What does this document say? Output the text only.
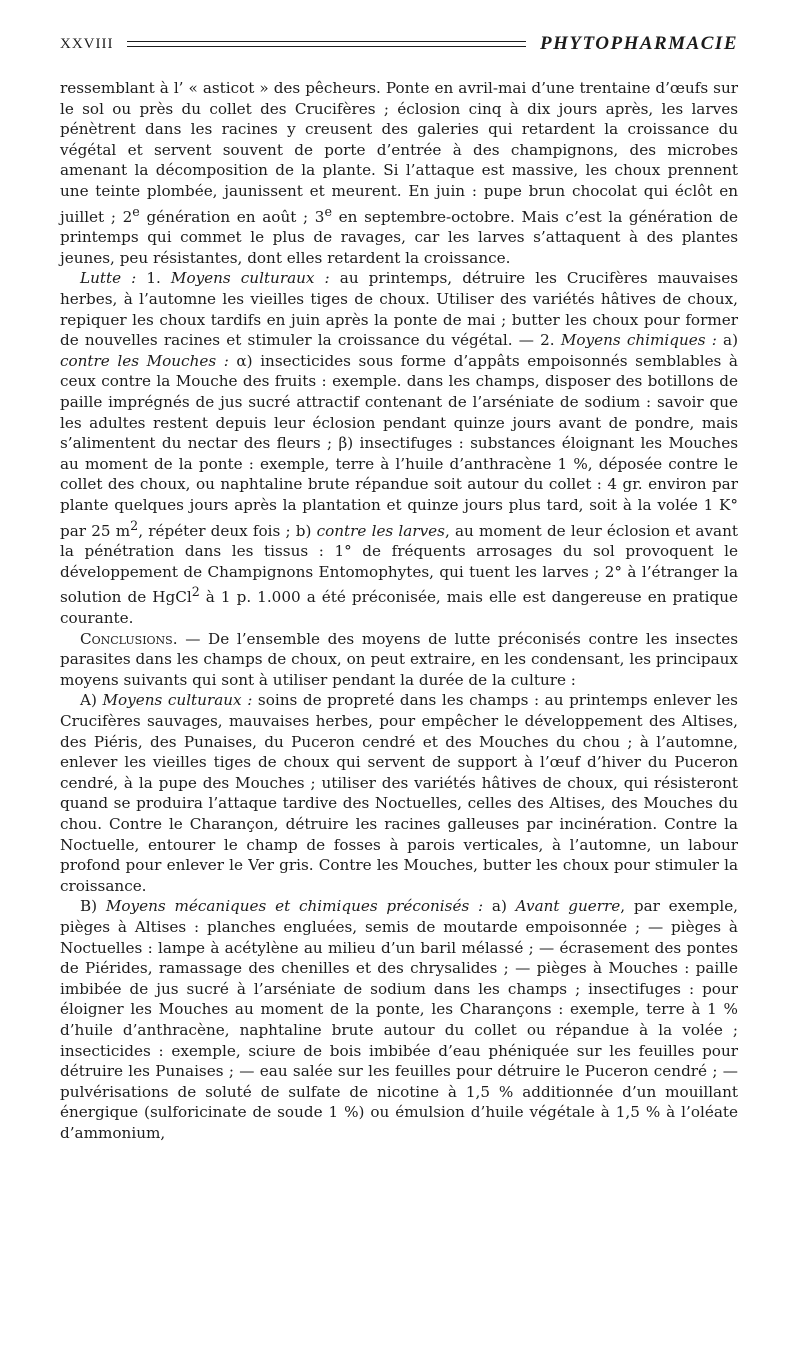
XXVIII	PHYTOPHARMACIE

ressemblant à l’ « asticot » des pêcheurs. Ponte en avril-mai d’une trentaine d’œufs sur le sol ou près du collet des Crucifères ; éclosion cinq à dix jours après, les larves pénètrent dans les racines y creusent des galeries qui retardent la croissance du végétal et servent souvent de porte d’entrée à des champignons, des microbes amenant la décomposition de la plante. Si l’attaque est massive, les choux prennent une teinte plombée, jaunissent et meurent. En juin : pupe brun chocolat qui éclôt en juillet ; 2e génération en août ; 3e en septembre-octobre. Mais c’est la génération de printemps qui commet le plus de ravages, car les larves s’attaquent à des plantes jeunes, peu résistantes, dont elles retardent la croissance.

Lutte : 1. Moyens culturaux : au printemps, détruire les Crucifères mauvaises herbes, à l’automne les vieilles tiges de choux. Utiliser des variétés hâtives de choux, repiquer les choux tardifs en juin après la ponte de mai ; butter les choux pour former de nouvelles racines et stimuler la croissance du végétal. — 2. Moyens chimiques : a) contre les Mouches : α) insecticides sous forme d’appâts empoisonnés semblables à ceux contre la Mouche des fruits : exemple. dans les champs, disposer des botillons de paille imprégnés de jus sucré attractif contenant de l’arséniate de sodium : savoir que les adultes restent depuis leur éclosion pendant quinze jours avant de pondre, mais s’alimentent du nectar des fleurs ; β) insectifuges : substances éloignant les Mouches au moment de la ponte : exemple, terre à l’huile d’anthracène 1 %, déposée contre le collet des choux, ou naphtaline brute répandue soit autour du collet : 4 gr. environ par plante quelques jours après la plantation et quinze jours plus tard, soit à la volée 1 K° par 25 $m^2$, répéter deux fois ; b) contre les larves, au moment de leur éclosion et avant la pénétration dans les tissus : 1° de fréquents arrosages du sol provoquent le développement de Champignons Entomophytes, qui tuent les larves ; 2° à l’étranger la solution de HgCl$^2$ à 1 p. 1.000 a été préconisée, mais elle est dangereuse en pratique courante.

Conclusions. — De l’ensemble des moyens de lutte préconisés contre les insectes parasites dans les champs de choux, on peut extraire, en les condensant, les principaux moyens suivants qui sont à utiliser pendant la durée de la culture :

A) Moyens culturaux : soins de propreté dans les champs : au printemps enlever les Crucifères sauvages, mauvaises herbes, pour empêcher le développement des Altises, des Piéris, des Punaises, du Puceron cendré et des Mouches du chou ; à l’automne, enlever les vieilles tiges de choux qui servent de support à l’œuf d’hiver du Puceron cendré, à la pupe des Mouches ; utiliser des variétés hâtives de choux, qui résisteront quand se produira l’attaque tardive des Noctuelles, celles des Altises, des Mouches du chou. Contre le Charançon, détruire les racines galleuses par incinération. Contre la Noctuelle, entourer le champ de fosses à parois verticales, à l’automne, un labour profond pour enlever le Ver gris. Contre les Mouches, butter les choux pour stimuler la croissance.

B) Moyens mécaniques et chimiques préconisés : a) Avant guerre, par exemple, pièges à Altises : planches engluées, semis de moutarde empoisonnée ; — pièges à Noctuelles : lampe à acétylène au milieu d’un baril mélassé ; — écrasement des pontes de Piérides, ramassage des chenilles et des chrysalides ; — pièges à Mouches : paille imbibée de jus sucré à l’arséniate de sodium dans les champs ; insectifuges : pour éloigner les Mouches au moment de la ponte, les Charançons : exemple, terre à 1 % d’huile d’anthracène, naphtaline brute autour du collet ou répandue à la volée ; insecticides : exemple, sciure de bois imbibée d’eau phéniquée sur les feuilles pour détruire les Punaises ; — eau salée sur les feuilles pour détruire le Puceron cendré ; — pulvérisations de soluté de sulfate de nicotine à 1,5 % additionnée d’un mouillant énergique (sulforicinate de soude 1 %) ou émulsion d’huile végétale à 1,5 % à l’oléate d’ammonium,
